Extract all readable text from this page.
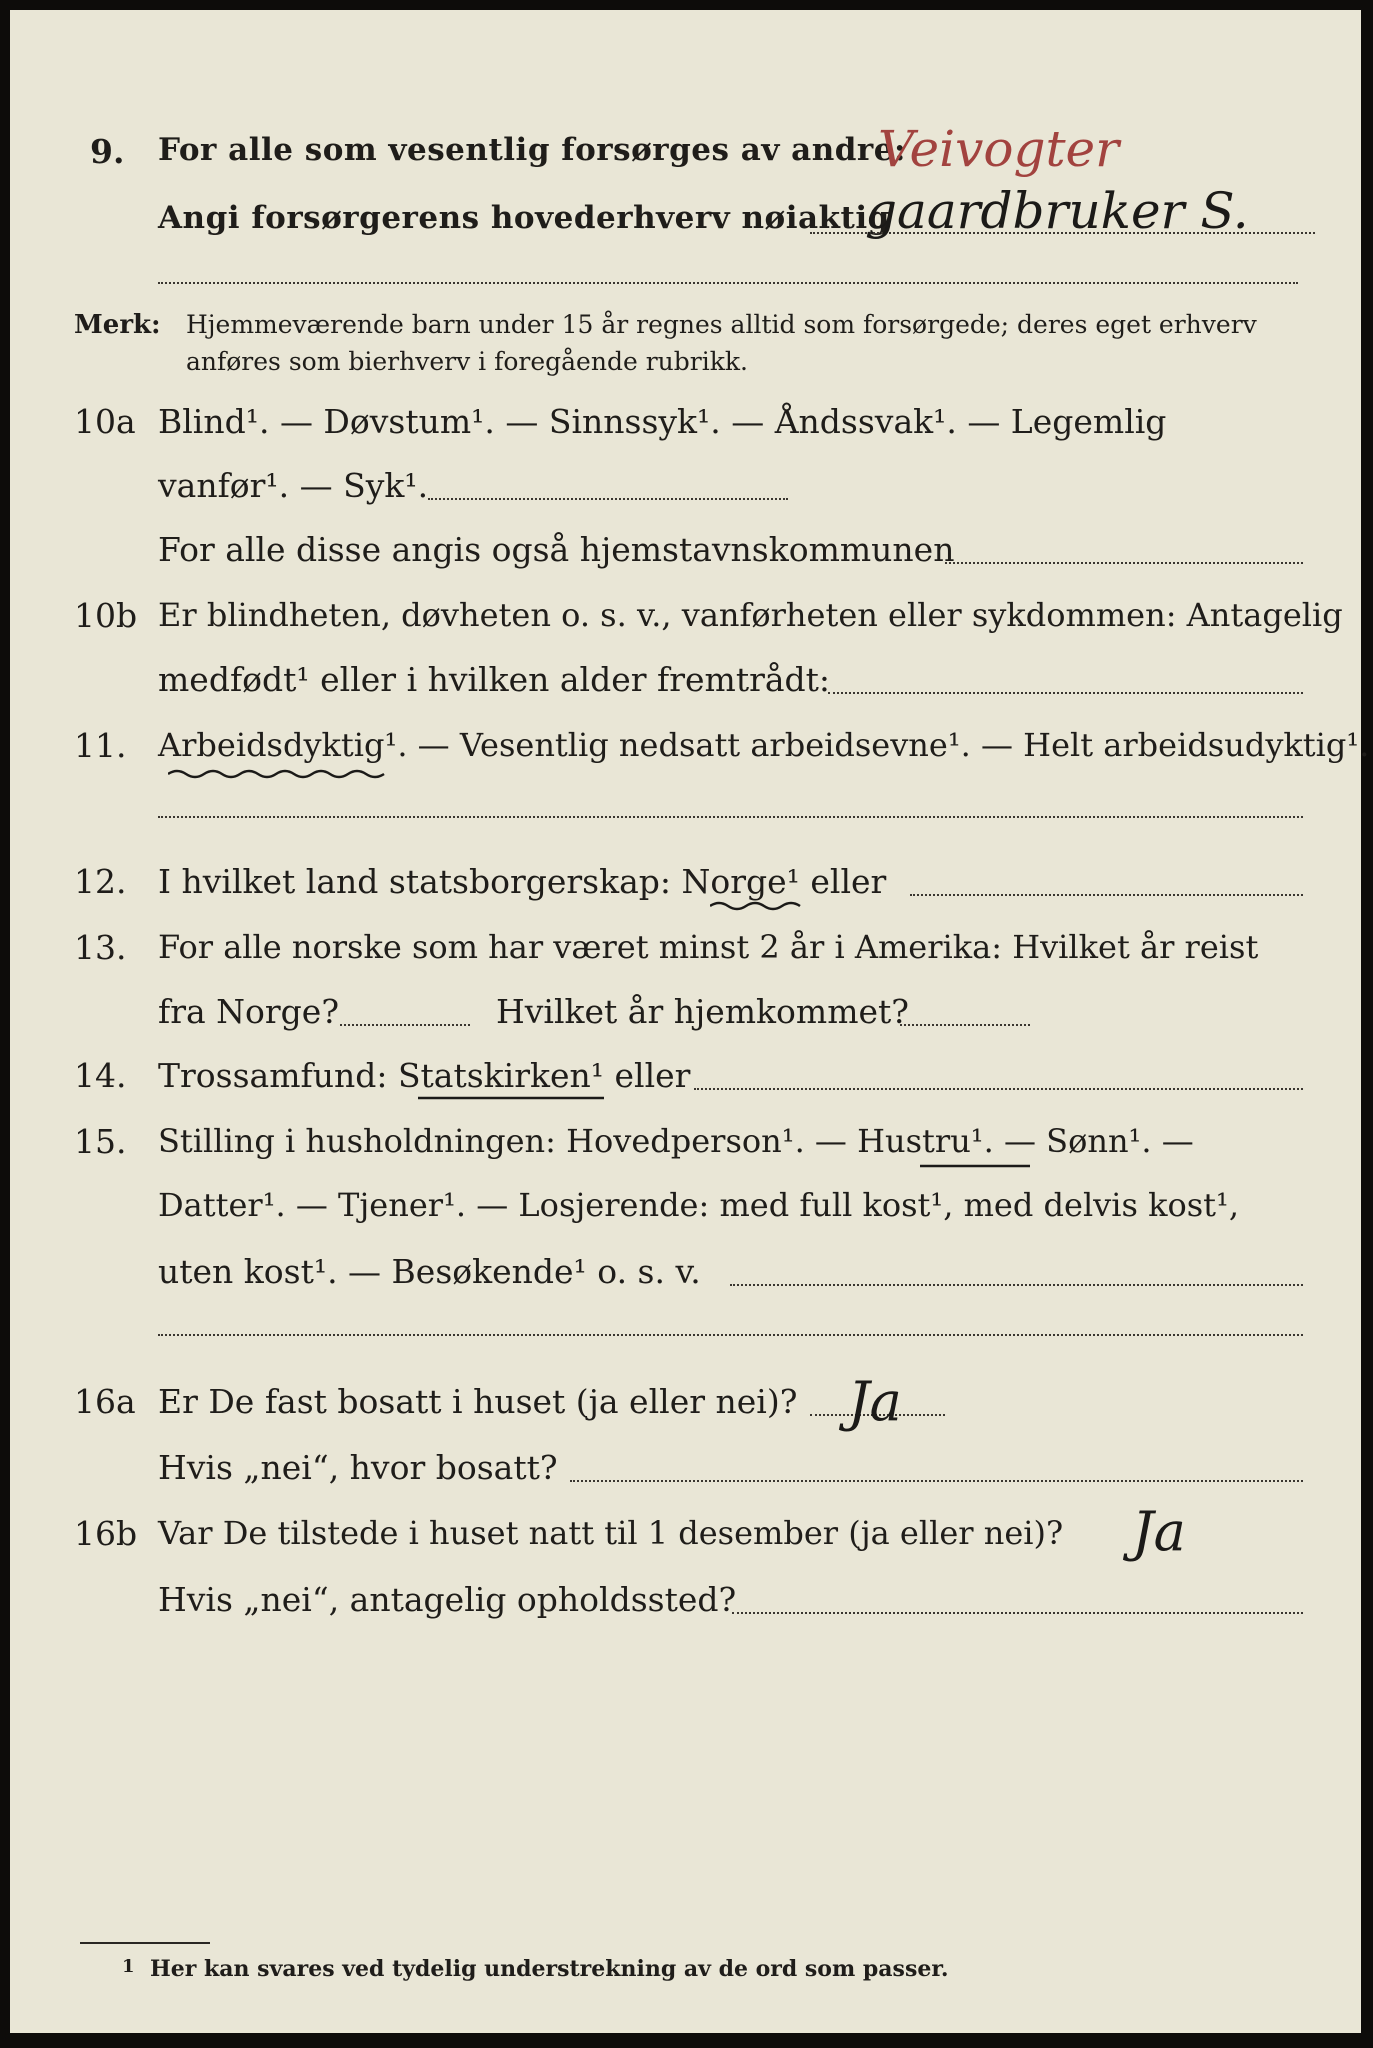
9. For alle som vesentlig forsørges av andre:
Veivogter
Angi forsørgerens hovederhverv nøiaktig
gaardbruker S.
Merk: Hjemmeværende barn under 15 år regnes alltid som forsørgede; deres eget erhverv
anføres som bierhverv i foregående rubrikk.
10a Blind¹. — Døvstum¹. — Sinnssyk¹. — Åndssvak¹. — Legemlig
vanfør¹. — Syk¹.
For alle disse angis også hjemstavnskommunen
10b Er blindheten, døvheten o. s. v., vanførheten eller sykdommen: Antagelig
medfødt¹ eller i hvilken alder fremtrådt:
11. Arbeidsdyktig¹. — Vesentlig nedsatt arbeidsevne¹. — Helt arbeidsudyktig¹.
12. I hvilket land statsborgerskap: Norge¹ eller
13. For alle norske som har været minst 2 år i Amerika: Hvilket år reist
fra Norge?	Hvilket år hjemkommet?
14. Trossamfund: Statskirken¹ eller
15. Stilling i husholdningen: Hovedperson¹. — Hustru¹. — Sønn¹. —
Datter¹. — Tjener¹. — Losjerende: med full kost¹, med delvis kost¹,
uten kost¹. — Besøkende¹ o. s. v.
16a Er De fast bosatt i huset (ja eller nei)? Ja
Hvis „nei“, hvor bosatt?
16b Var De tilstede i huset natt til 1 desember (ja eller nei)? Ja
Hvis „nei“, antagelig opholdssted?
1 Her kan svares ved tydelig understrekning av de ord som passer.
